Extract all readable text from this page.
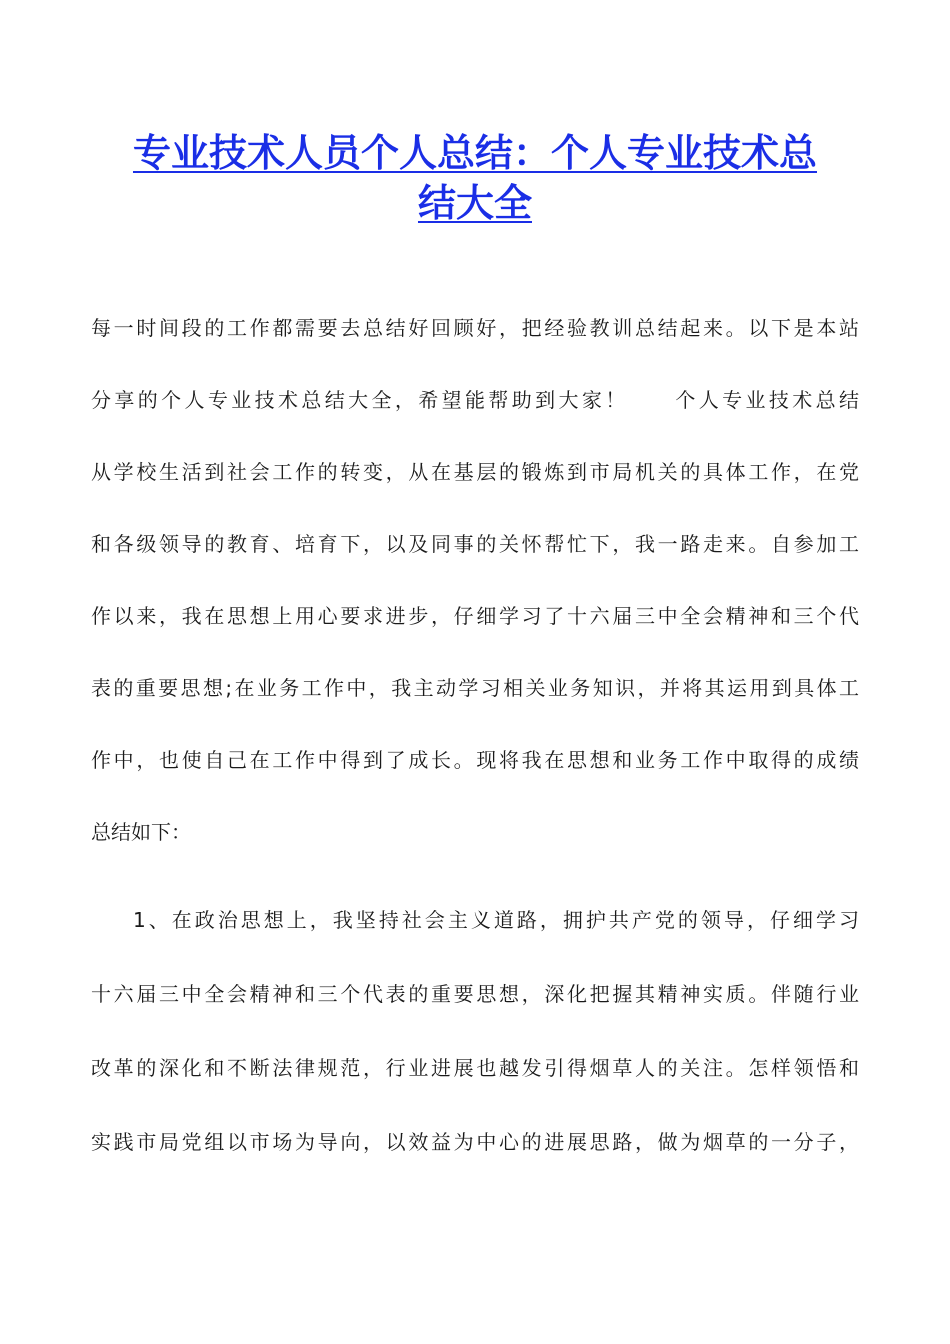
专业技术人员个人总结：个人专业技术总
结大全

每一时间段的工作都需要去总结好回顾好，把经验教训总结起来。以下是本站

分享的个人专业技术总结大全，希望能帮助到大家！　　个人专业技术总结

从学校生活到社会工作的转变，从在基层的锻炼到市局机关的具体工作，在党

和各级领导的教育、培育下，以及同事的关怀帮忙下，我一路走来。自参加工

作以来，我在思想上用心要求进步，仔细学习了十六届三中全会精神和三个代

表的重要思想;在业务工作中，我主动学习相关业务知识，并将其运用到具体工

作中，也使自己在工作中得到了成长。现将我在思想和业务工作中取得的成绩

总结如下：

1、在政治思想上，我坚持社会主义道路，拥护共产党的领导，仔细学习

十六届三中全会精神和三个代表的重要思想，深化把握其精神实质。伴随行业

改革的深化和不断法律规范，行业进展也越发引得烟草人的关注。怎样领悟和

实践市局党组以市场为导向，以效益为中心的进展思路，做为烟草的一分子，
